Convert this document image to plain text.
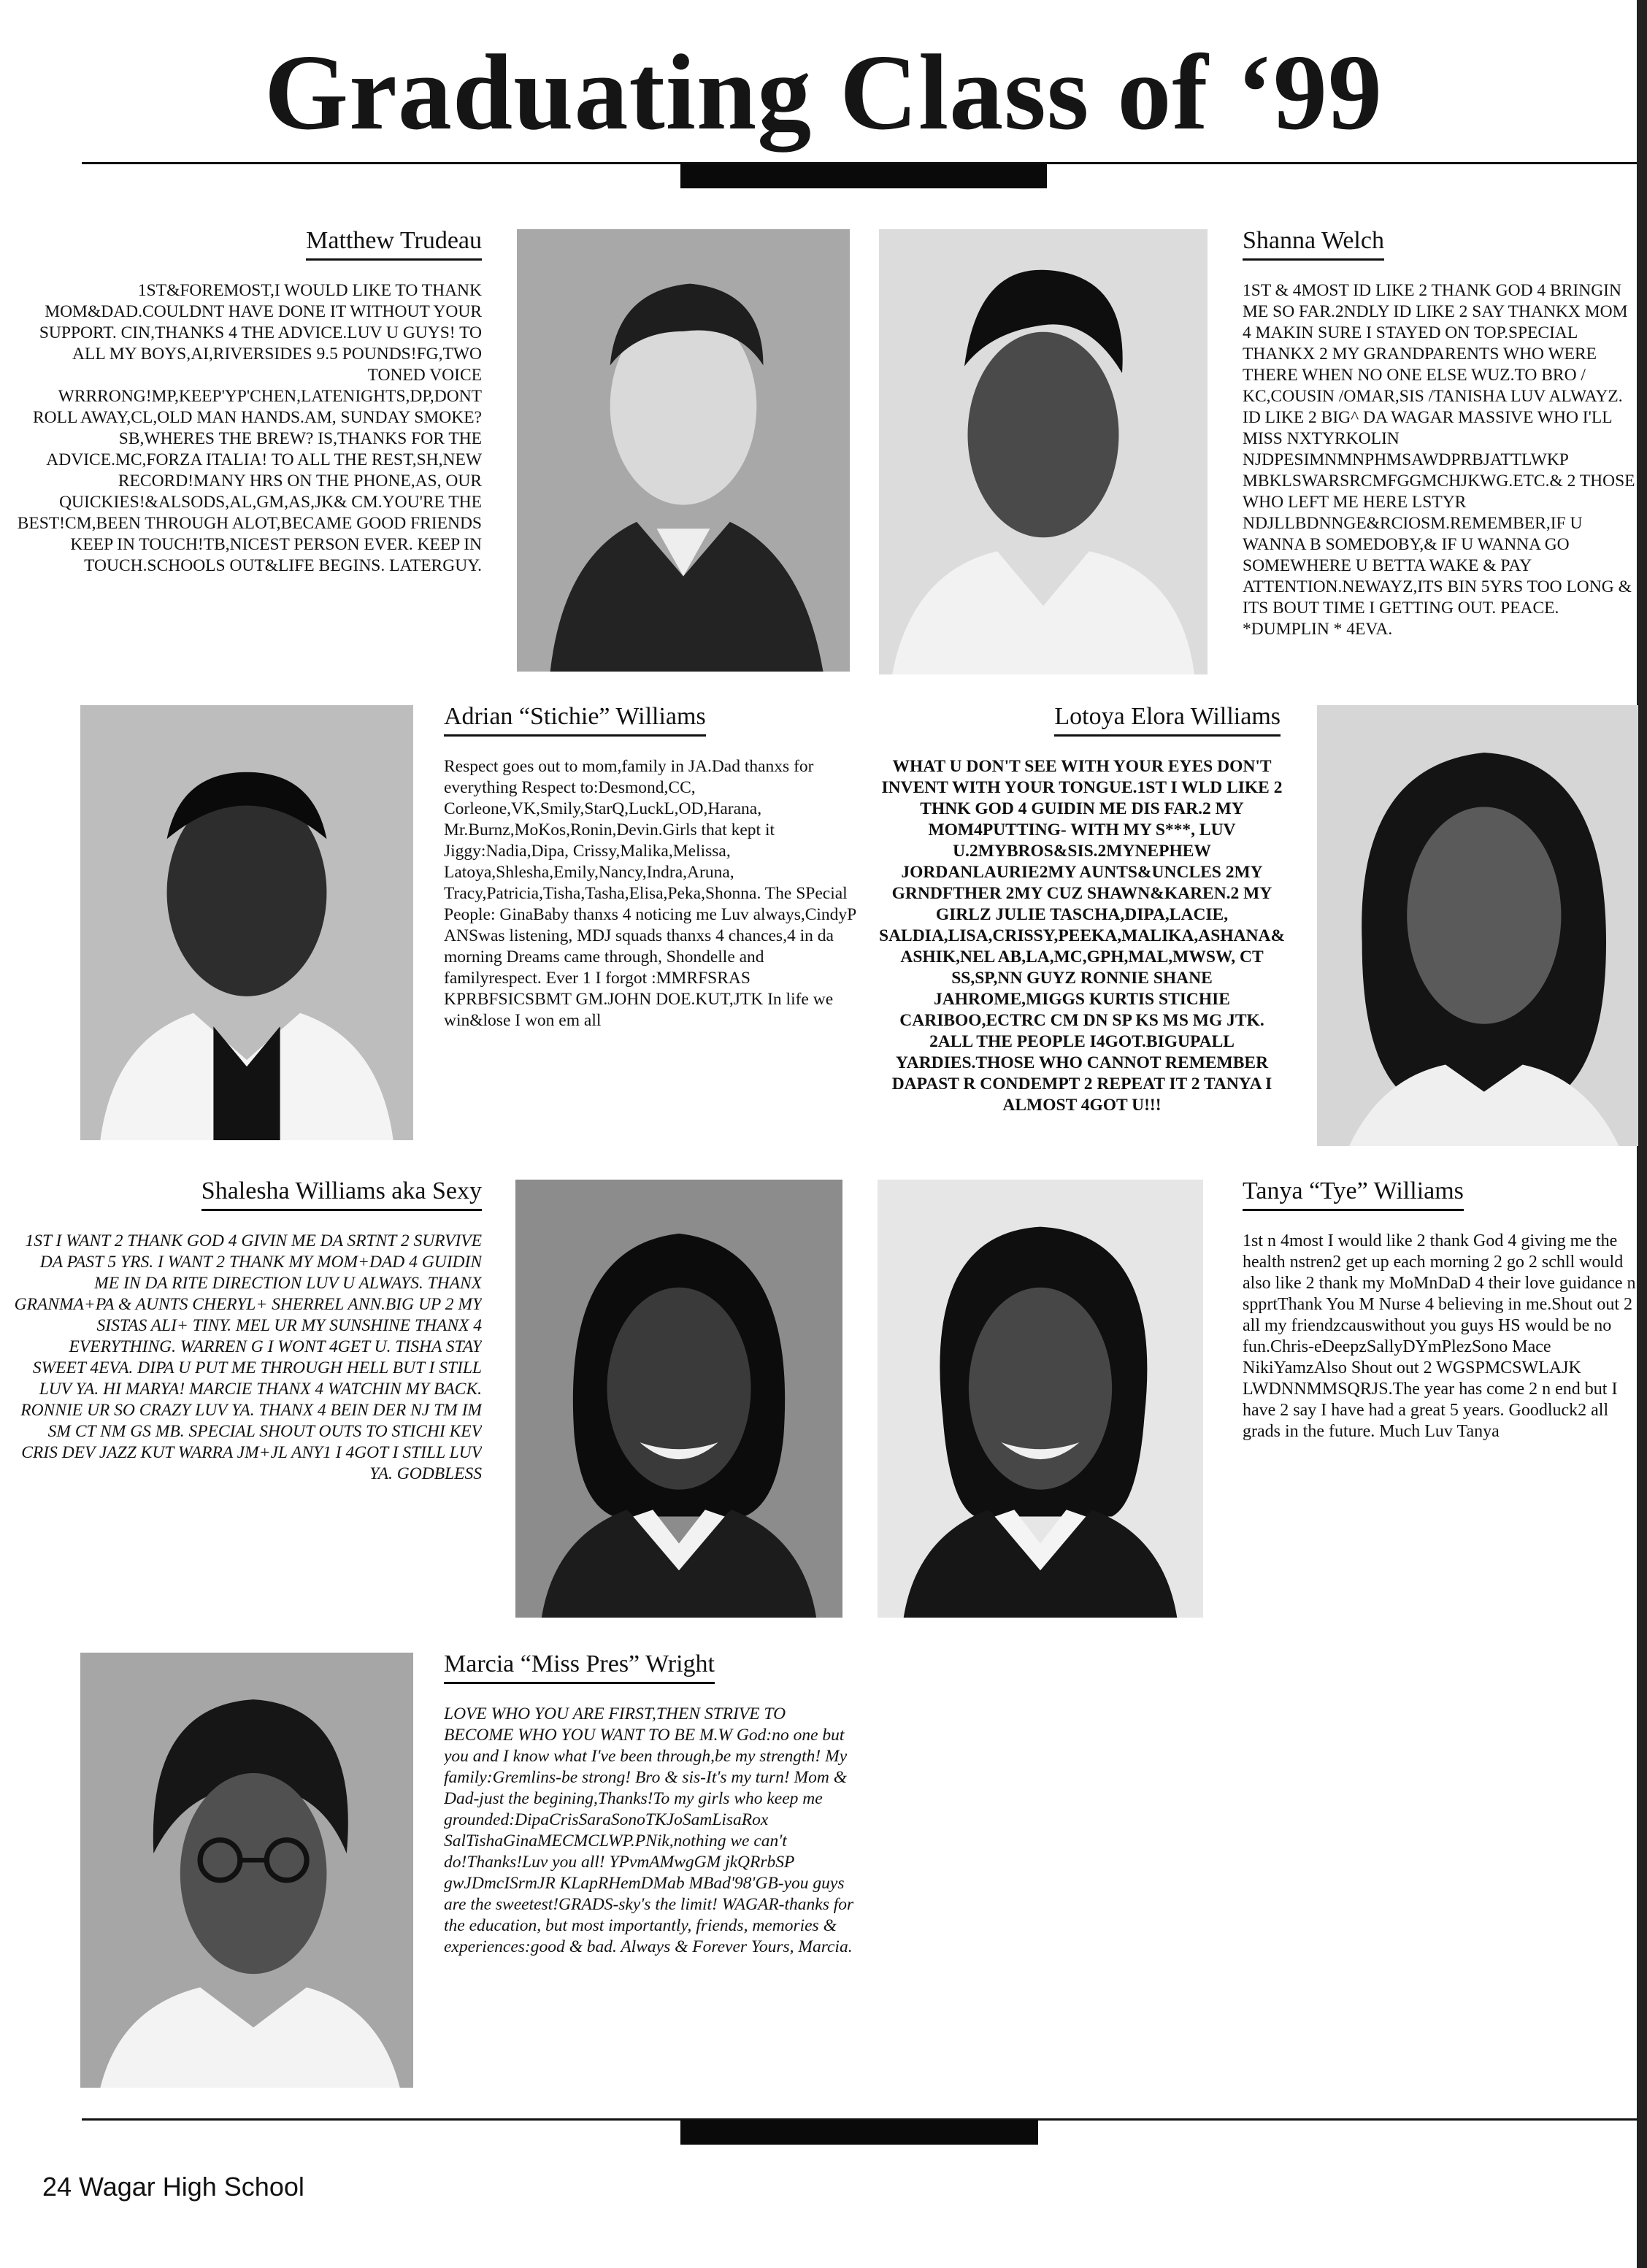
Graduating Class of ‘99
Matthew Trudeau
1ST&FOREMOST,I WOULD LIKE TO THANK MOM&DAD.COULDNT HAVE DONE IT WITHOUT YOUR SUPPORT. CIN,THANKS 4 THE ADVICE.LUV U GUYS! TO ALL MY BOYS,AI,RIVERSIDES 9.5 POUNDS!FG,TWO TONED VOICE WRRRONG!MP,KEEP'YP'CHEN,LATENIGHTS,DP,DONT ROLL AWAY,CL,OLD MAN HANDS.AM, SUNDAY SMOKE?SB,WHERES THE BREW? IS,THANKS FOR THE ADVICE.MC,FORZA ITALIA! TO ALL THE REST,SH,NEW RECORD!MANY HRS ON THE PHONE,AS, OUR QUICKIES!&ALSODS,AL,GM,AS,JK& CM.YOU'RE THE BEST!CM,BEEN THROUGH ALOT,BECAME GOOD FRIENDS KEEP IN TOUCH!TB,NICEST PERSON EVER. KEEP IN TOUCH.SCHOOLS OUT&LIFE BEGINS. LATERGUY.
Shanna Welch
1ST & 4MOST ID LIKE 2 THANK GOD 4 BRINGIN ME SO FAR.2NDLY ID LIKE 2 SAY THANKX MOM 4 MAKIN SURE I STAYED ON TOP.SPECIAL THANKX 2 MY GRANDPARENTS WHO WERE THERE WHEN NO ONE ELSE WUZ.TO BRO / KC,COUSIN /OMAR,SIS /TANISHA LUV ALWAYZ. ID LIKE 2 BIG^ DA WAGAR MASSIVE WHO I'LL MISS NXTYRKOLIN NJDPESIMNMNPHMSAWDPRBJATTLWKP MBKLSWARSRCMFGGMCHJKWG.ETC.& 2 THOSE WHO LEFT ME HERE LSTYR NDJLLBDNNGE&RCIOSM.REMEMBER,IF U WANNA B SOMEDOBY,& IF U WANNA GO SOMEWHERE U BETTA WAKE & PAY ATTENTION.NEWAYZ,ITS BIN 5YRS TOO LONG & ITS BOUT TIME I GETTING OUT. PEACE. *DUMPLIN * 4EVA.
Adrian “Stichie” Williams
Respect goes out to mom,family in JA.Dad thanxs for everything Respect to:Desmond,CC, Corleone,VK,Smily,StarQ,LuckL,OD,Harana, Mr.Burnz,MoKos,Ronin,Devin.Girls that kept it Jiggy:Nadia,Dipa, Crissy,Malika,Melissa, Latoya,Shlesha,Emily,Nancy,Indra,Aruna, Tracy,Patricia,Tisha,Tasha,Elisa,Peka,Shonna. The SPecial People: GinaBaby thanxs 4 noticing me Luv always,CindyP ANSwas listening, MDJ squads thanxs 4 chances,4 in da morning Dreams came through, Shondelle and familyrespect. Ever 1 I forgot :MMRFSRAS KPRBFSICSBMT GM.JOHN DOE.KUT,JTK In life we win&lose I won em all
Lotoya Elora Williams
WHAT U DON'T SEE WITH YOUR EYES DON'T INVENT WITH YOUR TONGUE.1ST I WLD LIKE 2 THNK GOD 4 GUIDIN ME DIS FAR.2 MY MOM4PUTTING- WITH MY S***, LUV U.2MYBROS&SIS.2MYNEPHEW JORDANLAURIE2MY AUNTS&UNCLES 2MY GRNDFTHER 2MY CUZ SHAWN&KAREN.2 MY GIRLZ JULIE TASCHA,DIPA,LACIE, SALDIA,LISA,CRISSY,PEEKA,MALIKA,ASHANA& ASHIK,NEL AB,LA,MC,GPH,MAL,MWSW, CT SS,SP,NN GUYZ RONNIE SHANE JAHROME,MIGGS KURTIS STICHIE CARIBOO,ECTRC CM DN SP KS MS MG JTK. 2ALL THE PEOPLE I4GOT.BIGUPALL YARDIES.THOSE WHO CANNOT REMEMBER DAPAST R CONDEMPT 2 REPEAT IT 2 TANYA I ALMOST 4GOT U!!!
Shalesha Williams aka Sexy
1ST I WANT 2 THANK GOD 4 GIVIN ME DA SRTNT 2 SURVIVE DA PAST 5 YRS. I WANT 2 THANK MY MOM+DAD 4 GUIDIN ME IN DA RITE DIRECTION LUV U ALWAYS. THANX GRANMA+PA & AUNTS CHERYL+ SHERREL ANN.BIG UP 2 MY SISTAS ALI+ TINY. MEL UR MY SUNSHINE THANX 4 EVERYTHING. WARREN G I WONT 4GET U. TISHA STAY SWEET 4EVA. DIPA U PUT ME THROUGH HELL BUT I STILL LUV YA. HI MARYA! MARCIE THANX 4 WATCHIN MY BACK. RONNIE UR SO CRAZY LUV YA. THANX 4 BEIN DER NJ TM IM SM CT NM GS MB. SPECIAL SHOUT OUTS TO STICHI KEV CRIS DEV JAZZ KUT WARRA JM+JL ANY1 I 4GOT I STILL LUV YA. GODBLESS
Tanya “Tye” Williams
1st n 4most I would like 2 thank God 4 giving me the health nstren2 get up each morning 2 go 2 schll would also like 2 thank my MoMnDaD 4 their love guidance n spprtThank You M Nurse 4 believing in me.Shout out 2 all my friendzcauswithout you guys HS would be no fun.Chris-eDeepzSallyDYmPlezSono Mace NikiYamzAlso Shout out 2 WGSPMCSWLAJK LWDNNMMSQRJS.The year has come 2 n end but I have 2 say I have had a great 5 years. Goodluck2 all grads in the future. Much Luv Tanya
Marcia “Miss Pres” Wright
LOVE WHO YOU ARE FIRST,THEN STRIVE TO BECOME WHO YOU WANT TO BE M.W God:no one but you and I know what I've been through,be my strength! My family:Gremlins-be strong! Bro & sis-It's my turn! Mom & Dad-just the begining,Thanks!To my girls who keep me grounded:DipaCrisSaraSonoTKJoSamLisaRox SalTishaGinaMECMCLWP.PNik,nothing we can't do!Thanks!Luv you all! YPvmAMwgGM jkQRrbSP gwJDmcISrmJR KLapRHemDMab MBad'98'GB-you guys are the sweetest!GRADS-sky's the limit! WAGAR-thanks for the education, but most importantly, friends, memories & experiences:good & bad. Always & Forever Yours, Marcia.
24 Wagar High School
